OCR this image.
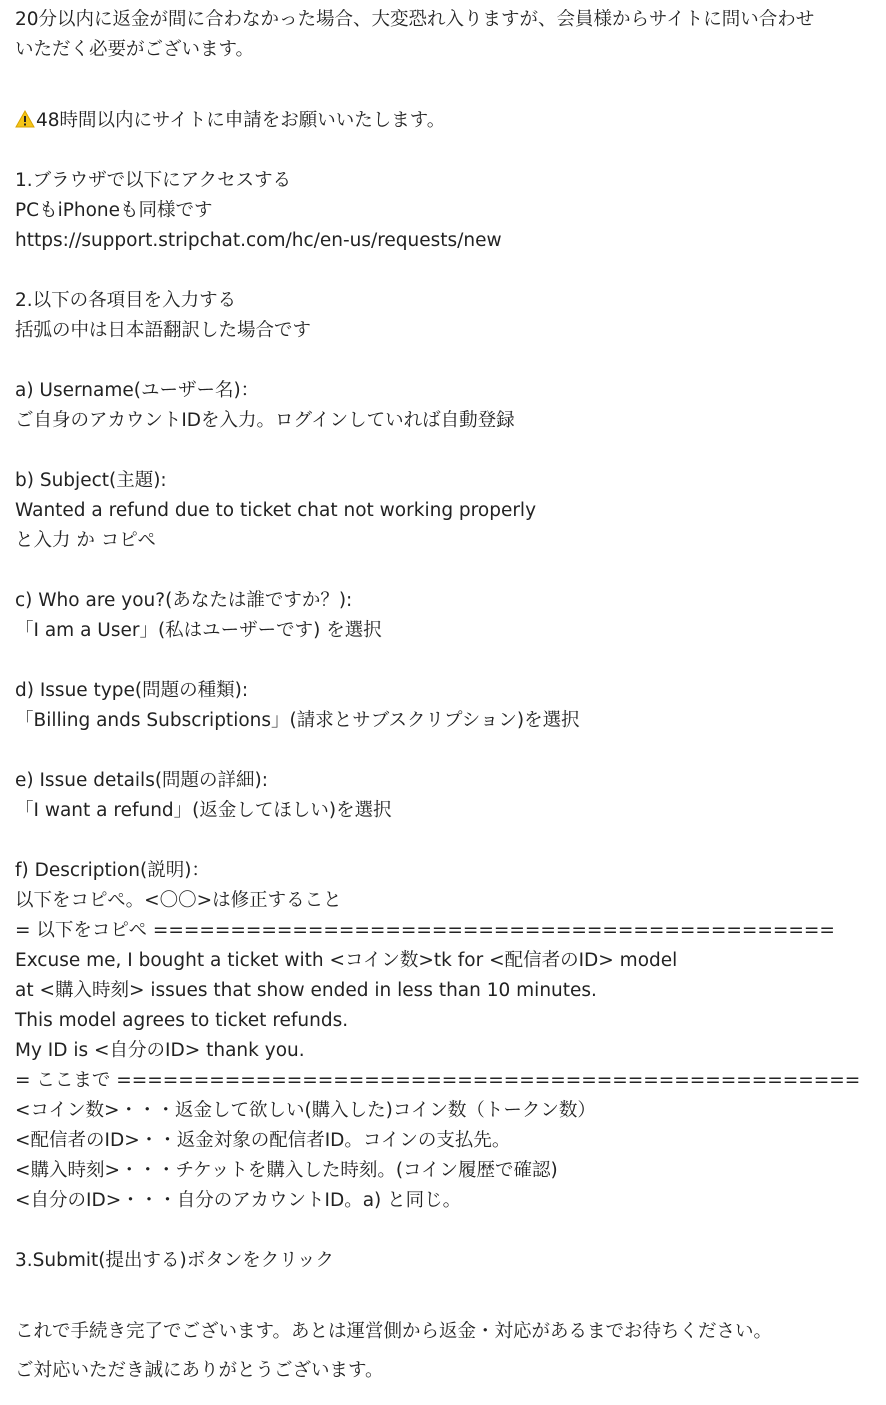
20分以内に返金が間に合わなかった場合、大変恐れ入りますが、会員様からサイトに問い合わせ
いただく必要がございます。
48時間以内にサイトに申請をお願いいたします。
1.ブラウザで以下にアクセスする
PCもiPhoneも同様です
https://support.stripchat.com/hc/en-us/requests/new
2.以下の各項目を入力する
括弧の中は日本語翻訳した場合です
a) Username(ユーザー名)：
ご自身のアカウントIDを入力。ログインしていれば自動登録
b) Subject(主題):
Wanted a refund due to ticket chat not working properly
と入力 か コピペ
c) Who are you?(あなたは誰ですか？):
「I am a User」(私はユーザーです) を選択
d) Issue type(問題の種類):
「Billing ands Subscriptions」(請求とサブスクリプション)を選択
e) Issue details(問題の詳細):
「I want a refund」(返金してほしい)を選択
f) Description(説明)：
以下をコピペ。<〇〇>は修正すること
= 以下をコピペ ============================================
Excuse me, I bought a ticket with <コイン数>tk for <配信者のID> model
at <購入時刻> issues that show ended in less than 10 minutes.
This model agrees to ticket refunds.
My ID is <自分のID> thank you.
= ここまで ================================================
<コイン数>・・・返金して欲しい(購入した)コイン数（トークン数）
<配信者のID>・・返金対象の配信者ID。コインの支払先。
<購入時刻>・・・チケットを購入した時刻。(コイン履歴で確認)
<自分のID>・・・自分のアカウントID。a) と同じ。
3.Submit(提出する)ボタンをクリック
これで手続き完了でございます。あとは運営側から返金・対応があるまでお待ちください。
ご対応いただき誠にありがとうございます。
